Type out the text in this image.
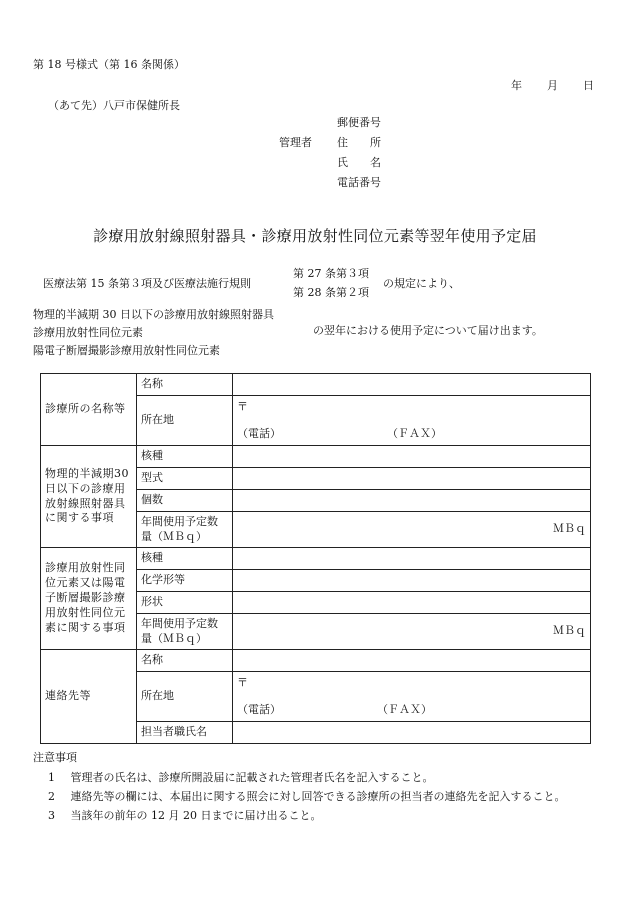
第 18 号様式（第 16 条関係）
年　　月　　日
（あて先）八戸市保健所長
管理者
郵便番号
住　　所
氏　　名
電話番号
診療用放射線照射器具・診療用放射性同位元素等翌年使用予定届
医療法第 15 条第３項及び医療法施行規則
第 27 条第３項
第 28 条第２項
の規定により、
物理的半減期 30 日以下の診療用放射線照射器具
診療用放射性同位元素
陽電子断層撮影診療用放射性同位元素
の翌年における使用予定について届け出ます。
診療所の名称等	名称	
	所在地	〒
（電話） （ＦＡＸ）

物理的半減期30日以下の診療用放射線照射器具に関する事項	核種	
	型式	
	個数	
	年間使用予定数量（ＭＢｑ）	ＭＢｑ

診療用放射性同位元素又は陽電子断層撮影診療用放射性同位元素に関する事項	核種	
	化学形等	
	形状	
	年間使用予定数量（ＭＢｑ）	ＭＢｑ

連絡先等	名称	
	所在地	〒
（電話） （ＦＡＸ）

	担当者職氏名	
注意事項
1 管理者の氏名は、診療所開設届に記載された管理者氏名を記入すること。
2 連絡先等の欄には、本届出に関する照会に対し回答できる診療所の担当者の連絡先を記入すること。
3 当該年の前年の 12 月 20 日までに届け出ること。
